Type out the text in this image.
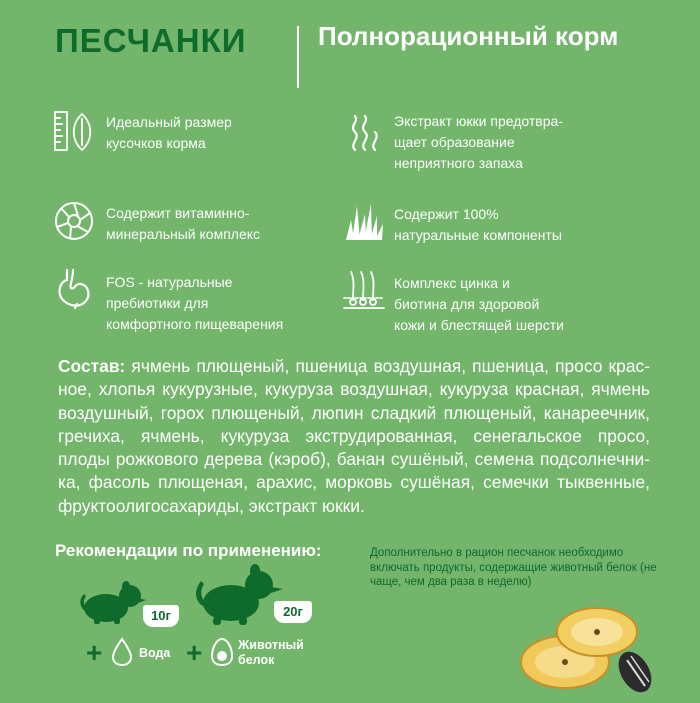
ПЕСЧАНКИ	Полнорационный корм
Идеальный размер
кусочков корма
Экстракт юкки предотвра-
щает образование
неприятного запаха
Содержит витаминно-
минеральный комплекс
Содержит 100%
натуральные компоненты
FOS - натуральные
пребиотики для
комфортного пищеварения
Комплекс цинка и
биотина для здоровой
кожи и блестящей шерсти
Состав: ячмень плющеный, пшеница воздушная, пшеница, просо красное, хлопья кукурузные, кукуруза воздушная, кукуруза красная, ячмень воздушный, горох плющеный, люпин сладкий плющеный, канареечник, гречиха, ячмень, кукуруза экструдированная, сенегальское просо, плоды рожкового дерева (кэроб), банан сушёный, семена подсолнечника, фасоль плющеная, арахис, морковь сушёная, семечки тыквенные, фруктоолигосахариды, экстракт юкки.
Рекомендации по применению:
10г	20г
+	Вода +	Животный
белок
Дополнительно в рацион песчанок необходимо включать продукты, содержащие животный белок (не чаще, чем два раза в неделю)
